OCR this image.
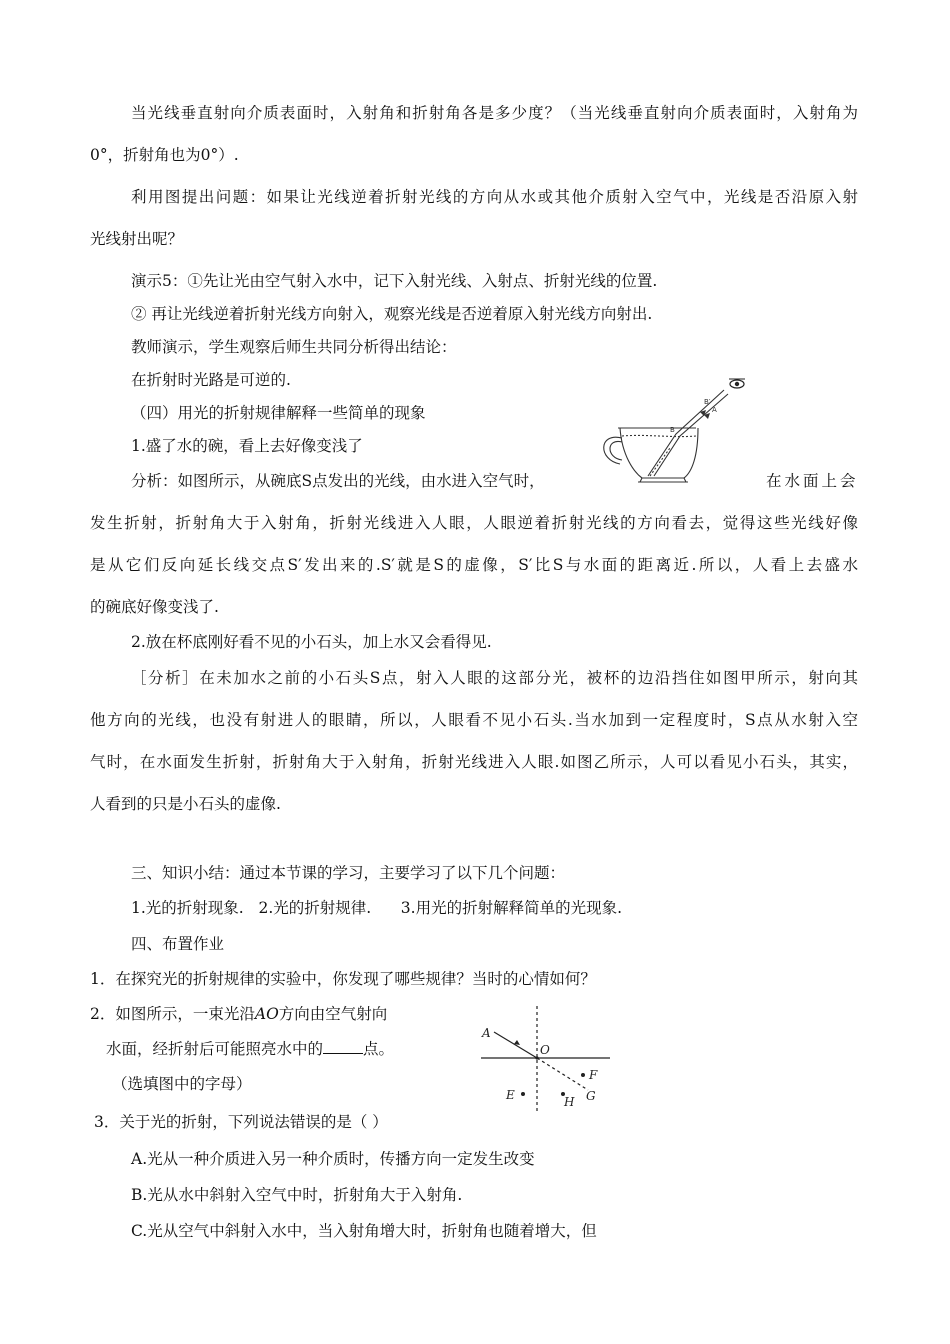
当光线垂直射向介质表面时，入射角和折射角各是多少度？（当光线垂直射向介质表面时，入射角为
0°，折射角也为0°）.
利用图提出问题：如果让光线逆着折射光线的方向从水或其他介质射入空气中，光线是否沿原入射
光线射出呢？
演示5：①先让光由空气射入水中，记下入射光线、入射点、折射光线的位置.
② 再让光线逆着折射光线方向射入，观察光线是否逆着原入射光线方向射出.
教师演示，学生观察后师生共同分析得出结论：
在折射时光路是可逆的.
（四）用光的折射规律解释一些简单的现象
1.盛了水的碗，看上去好像变浅了
B′
A
B
分析：如图所示，从碗底S点发出的光线，由水进入空气时，	在水面上会
发生折射，折射角大于入射角，折射光线进入人眼，人眼逆着折射光线的方向看去，觉得这些光线好像
是从它们反向延长线交点S′发出来的.S′就是S的虚像，S′比S与水面的距离近.所以，人看上去盛水
的碗底好像变浅了.
2.放在杯底刚好看不见的小石头，加上水又会看得见.
［分析］在未加水之前的小石头S点，射入人眼的这部分光，被杯的边沿挡住如图甲所示，射向其
他方向的光线，也没有射进人的眼睛，所以，人眼看不见小石头.当水加到一定程度时，S点从水射入空
气时，在水面发生折射，折射角大于入射角，折射光线进入人眼.如图乙所示，人可以看见小石头，其实，
人看到的只是小石头的虚像.
三、知识小结：通过本节课的学习，主要学习了以下几个问题：
1.光的折射现象.   2.光的折射规律.      3.用光的折射解释简单的光现象.
四、布置作业
1．在探究光的折射规律的实验中，你发现了哪些规律？当时的心情如何？
2．如图所示，一束光沿AO方向由空气射向
水面，经折射后可能照亮水中的	点。
（选填图中的字母）
A
O
F
G
H
E
3．关于光的折射，下列说法错误的是（ ）
A.光从一种介质进入另一种介质时，传播方向一定发生改变
B.光从水中斜射入空气中时，折射角大于入射角.
C.光从空气中斜射入水中，当入射角增大时，折射角也随着增大，但
